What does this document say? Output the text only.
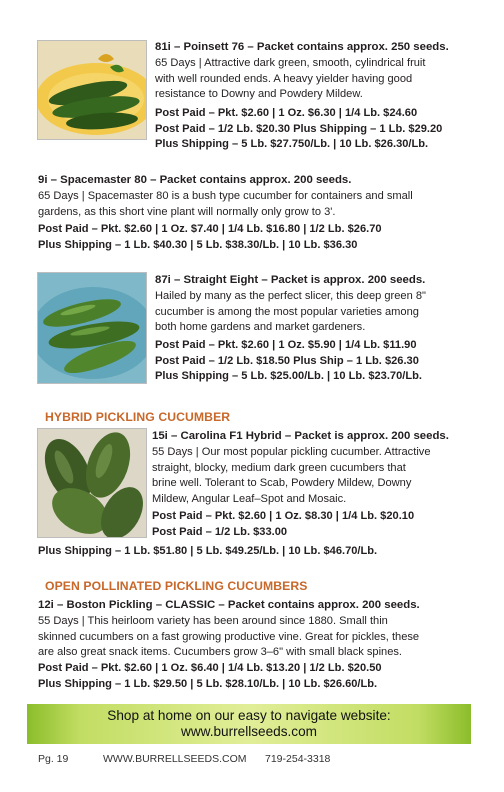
81i – Poinsett 76 – Packet contains approx. 250 seeds.
65 Days | Attractive dark green, smooth, cylindrical fruit
with well rounded ends. A heavy yielder having good
resistance to Downy and Powdery Mildew.
Post Paid – Pkt. $2.60 | 1 Oz. $6.30 | 1/4 Lb. $24.60
Post Paid – 1/2 Lb. $20.30 Plus Shipping – 1 Lb. $29.20
Plus Shipping – 5 Lb. $27.750/Lb. | 10 Lb. $26.30/Lb.
9i – Spacemaster 80 – Packet contains approx. 200 seeds.
65 Days | Spacemaster 80 is a bush type cucumber for containers and small
gardens, as this short vine plant will normally only grow to 3'.
Post Paid – Pkt. $2.60 | 1 Oz. $7.40 | 1/4 Lb. $16.80 | 1/2 Lb. $26.70
Plus Shipping – 1 Lb. $40.30 | 5 Lb. $38.30/Lb. | 10 Lb. $36.30
87i – Straight Eight – Packet is approx. 200 seeds.
Hailed by many as the perfect slicer, this deep green 8"
cucumber is among the most popular varieties among
both home gardens and market gardeners.
Post Paid – Pkt. $2.60 | 1 Oz. $5.90 | 1/4 Lb. $11.90
Post Paid – 1/2 Lb. $18.50 Plus Ship – 1 Lb. $26.30
Plus Shipping – 5 Lb. $25.00/Lb. | 10 Lb. $23.70/Lb.
HYBRID PICKLING CUCUMBER
15i – Carolina F1 Hybrid – Packet is approx. 200 seeds.
55 Days | Our most popular pickling cucumber. Attractive
straight, blocky, medium dark green cucumbers that
brine well. Tolerant to Scab, Powdery Mildew, Downy
Mildew, Angular Leaf–Spot and Mosaic.
Post Paid – Pkt. $2.60 | 1 Oz. $8.30 | 1/4 Lb. $20.10
Post Paid – 1/2 Lb. $33.00
Plus Shipping – 1 Lb. $51.80 | 5 Lb. $49.25/Lb. | 10 Lb. $46.70/Lb.
OPEN POLLINATED PICKLING CUCUMBERS
12i – Boston Pickling – CLASSIC – Packet contains approx. 200 seeds.
55 Days | This heirloom variety has been around since 1880. Small thin
skinned cucumbers on a fast growing productive vine. Great for pickles, these
are also great snack items. Cucumbers grow 3–6" with small black spines.
Post Paid – Pkt. $2.60 | 1 Oz. $6.40 | 1/4 Lb. $13.20 | 1/2 Lb. $20.50
Plus Shipping – 1 Lb. $29.50 | 5 Lb. $28.10/Lb. | 10 Lb. $26.60/Lb.
Shop at home on our easy to navigate website:
www.burrellseeds.com
Pg. 19	WWW.BURRELLSEEDS.COM 719-254-3318
